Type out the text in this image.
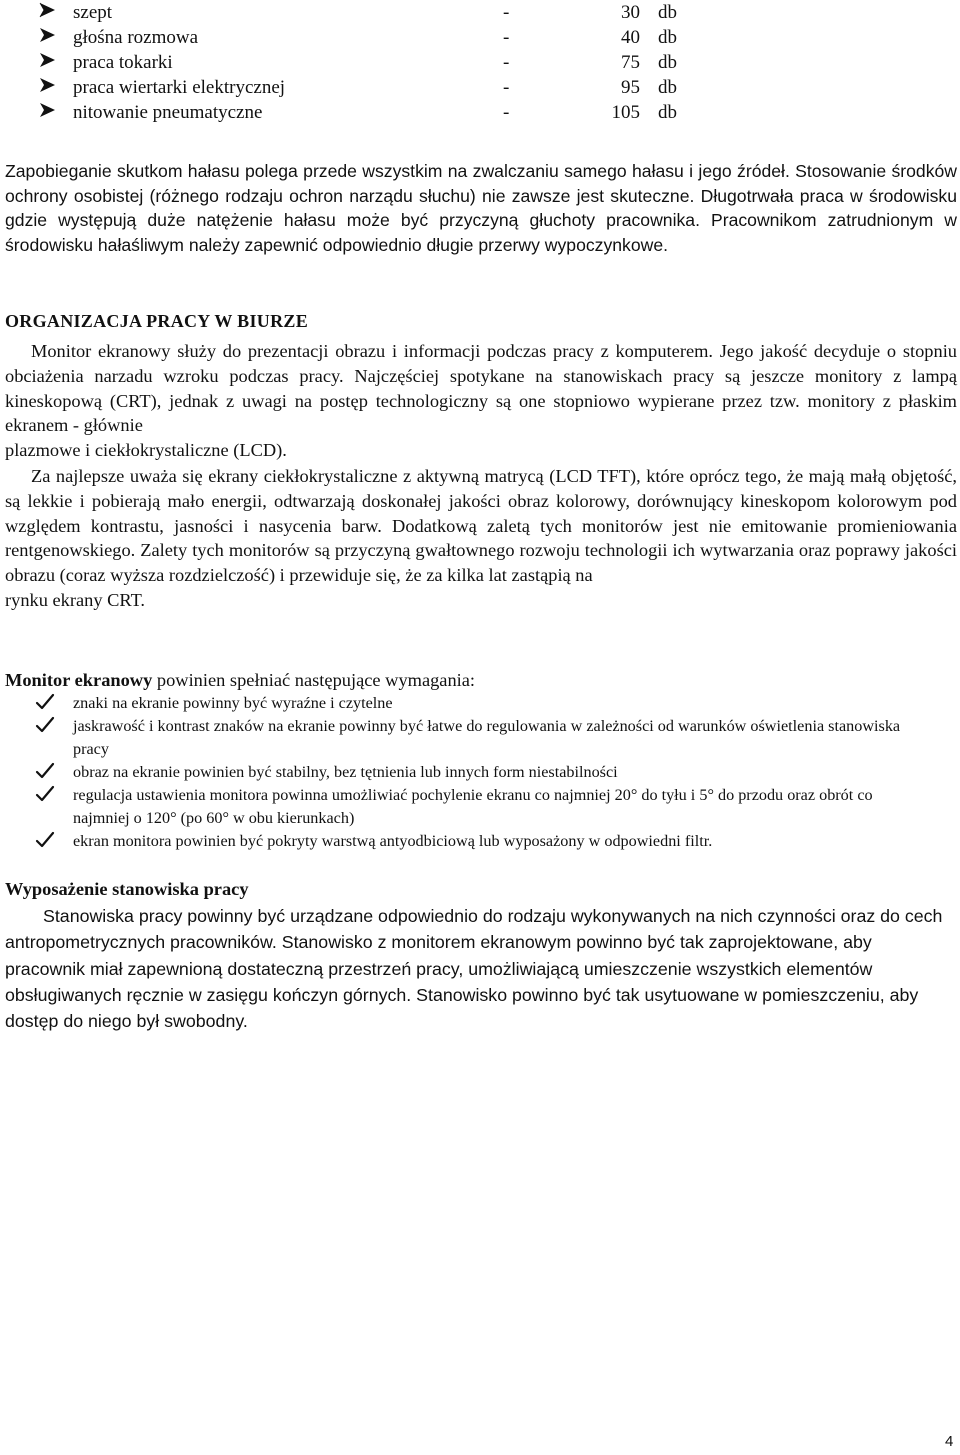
szept	-	30 db
głośna rozmowa	-	40 db
praca tokarki	-	75 db
praca wiertarki elektrycznej	-	95 db
nitowanie pneumatyczne	-	105 db
Zapobieganie skutkom hałasu polega przede wszystkim na zwalczaniu samego hałasu i jego źródeł. Stosowanie środków ochrony osobistej (różnego rodzaju ochron narządu słuchu) nie zawsze jest skuteczne. Długotrwała praca w środowisku gdzie występują duże natężenie hałasu może być przyczyną głuchoty pracownika. Pracownikom zatrudnionym w środowisku hałaśliwym należy zapewnić odpowiednio długie przerwy wypoczynkowe.
ORGANIZACJA PRACY W BIURZE
Monitor ekranowy służy do prezentacji obrazu i informacji podczas pracy z komputerem. Jego jakość decyduje o stopniu obciażenia narzadu wzroku podczas pracy. Najczęściej spotykane na stanowiskach pracy są jeszcze monitory z lampą kineskopową (CRT), jednak z uwagi na postęp technologiczny są one stopniowo wypierane przez tzw. monitory z płaskim ekranem - głównie
plazmowe i ciekłokrystaliczne (LCD).
Za najlepsze uważa się ekrany ciekłokrystaliczne z aktywną matrycą (LCD TFT), które oprócz tego, że mają małą objętość, są lekkie i pobierają mało energii, odtwarzają doskonałej jakości obraz kolorowy, dorównujący kineskopom kolorowym pod względem kontrastu, jasności i nasycenia barw. Dodatkową zaletą tych monitorów jest nie emitowanie promieniowania rentgenowskiego. Zalety tych monitorów są przyczyną gwałtownego rozwoju technologii ich wytwarzania oraz poprawy jakości obrazu (coraz wyższa rozdzielczość) i przewiduje się, że za kilka lat zastąpią na
rynku ekrany CRT.
Monitor ekranowy powinien spełniać następujące wymagania:
znaki na ekranie powinny być wyraźne i czytelne
jaskrawość i kontrast znaków na ekranie powinny być łatwe do regulowania w zależności od warunków oświetlenia stanowiska pracy
obraz na ekranie powinien być stabilny, bez tętnienia lub innych form niestabilności
regulacja ustawienia monitora powinna umożliwiać pochylenie ekranu co najmniej 20° do tyłu i 5° do przodu oraz obrót co najmniej o 120° (po 60° w obu kierunkach)
ekran monitora powinien być pokryty warstwą antyodbiciową lub wyposażony w odpowiedni filtr.
Wyposażenie stanowiska pracy
Stanowiska pracy powinny być urządzane odpowiednio do rodzaju wykonywanych na nich czynności oraz do cech antropometrycznych pracowników. Stanowisko z monitorem ekranowym powinno być tak zaprojektowane, aby pracownik miał zapewnioną dostateczną przestrzeń pracy, umożliwiającą umieszczenie wszystkich elementów obsługiwanych ręcznie w zasięgu kończyn górnych. Stanowisko powinno być tak usytuowane w pomieszczeniu, aby dostęp do niego był swobodny.
4
